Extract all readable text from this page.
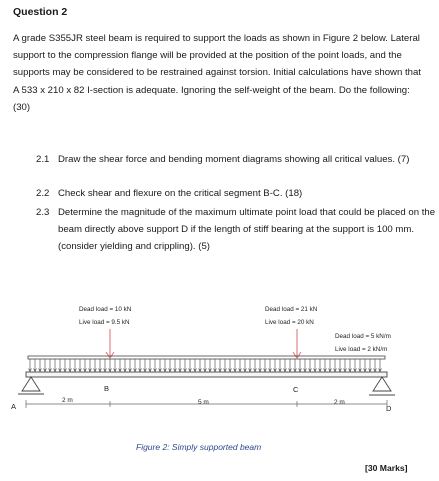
Question 2
A grade S355JR steel beam is required to support the loads as shown in Figure 2 below. Lateral support to the compression flange will be provided at the position of the point loads, and the supports may be considered to be restrained against torsion. Initial calculations have shown that A 533 x 210 x 82 I-section is adequate. Ignoring the self-weight of the beam. Do the following: (30)
2.1 Draw the shear force and bending moment diagrams showing all critical values. (7)
2.2 Check shear and flexure on the critical segment B-C. (18)
2.3 Determine the magnitude of the maximum ultimate point load that could be placed on the beam directly above support D if the length of stiff bearing at the support is 100 mm. (consider yielding and crippling). (5)
Dead load = 10 kN
Live load = 9.5 kN
Dead load = 21 kN
Live load = 20 kN
Dead load = 5 kN/m
Live load = 2 kN/m
A
B	C
D
2 m	5 m	2 m
Figure 2: Simply supported beam
[30 Marks]
